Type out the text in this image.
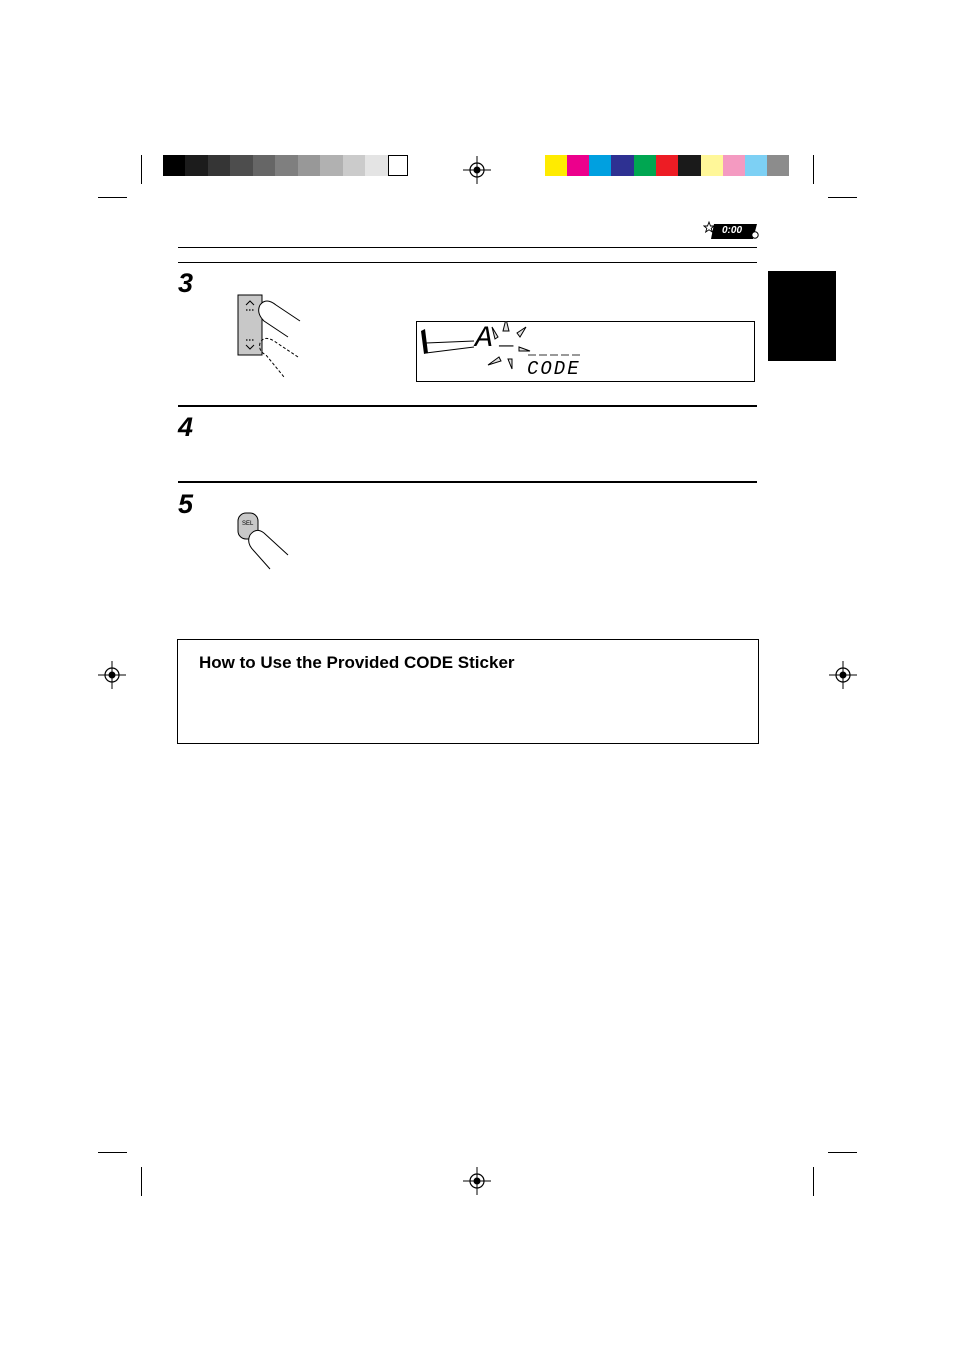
0:00
3
A _
CODE
4
5
SEL
How to Use the Provided CODE Sticker
